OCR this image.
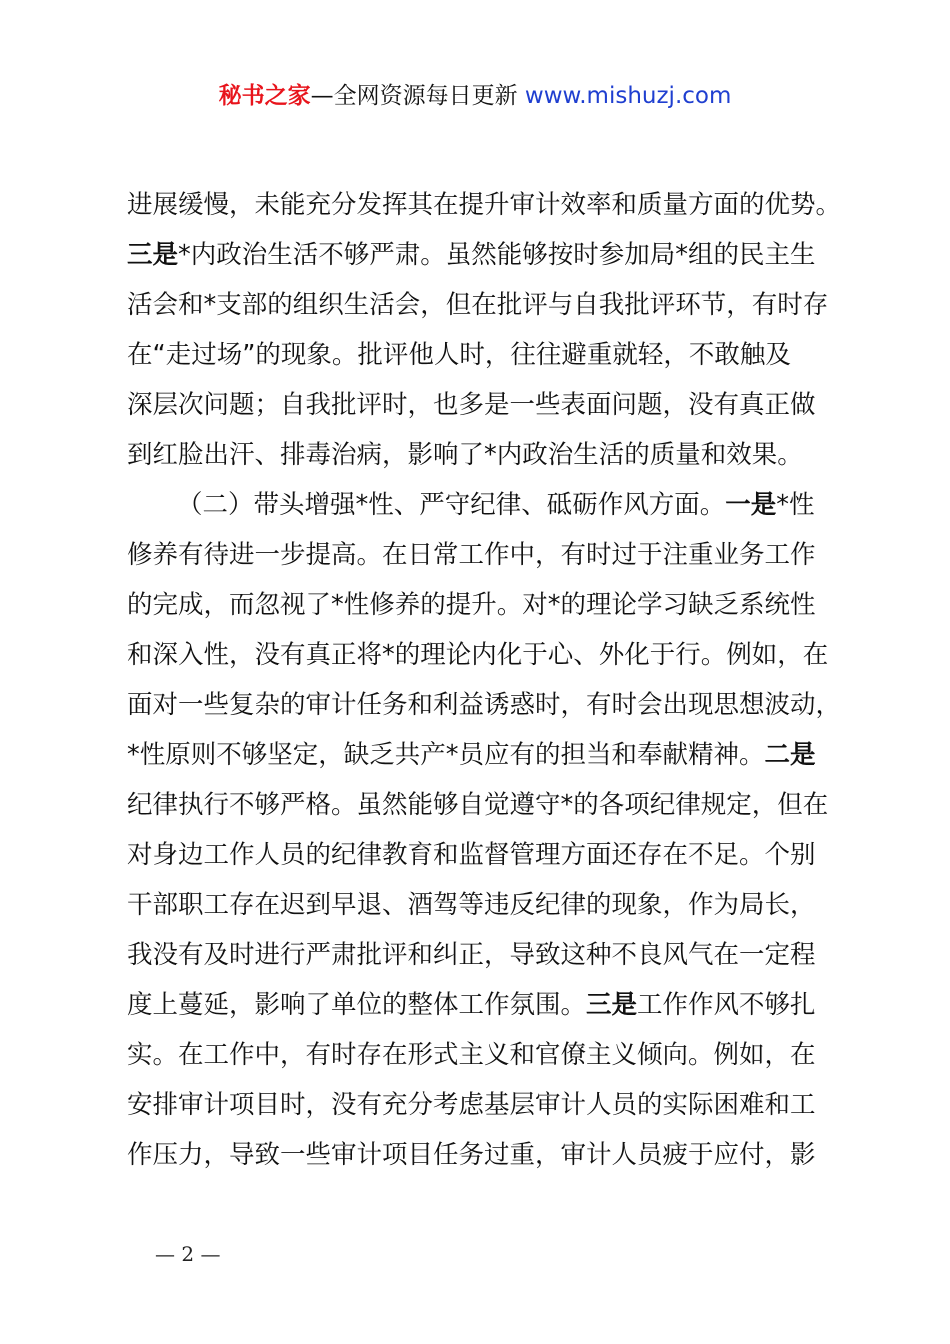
秘书之家—全网资源每日更新 www.mishuzj.com
进展缓慢，未能充分发挥其在提升审计效率和质量方面的优势。
三是*内政治生活不够严肃。虽然能够按时参加局*组的民主生
活会和*支部的组织生活会，但在批评与自我批评环节，有时存
在“走过场”的现象。批评他人时，往往避重就轻，不敢触及
深层次问题；自我批评时，也多是一些表面问题，没有真正做
到红脸出汗、排毒治病，影响了*内政治生活的质量和效果。
（二）带头增强*性、严守纪律、砥砺作风方面。一是*性
修养有待进一步提高。在日常工作中，有时过于注重业务工作
的完成，而忽视了*性修养的提升。对*的理论学习缺乏系统性
和深入性，没有真正将*的理论内化于心、外化于行。例如，在
面对一些复杂的审计任务和利益诱惑时，有时会出现思想波动，
*性原则不够坚定，缺乏共产*员应有的担当和奉献精神。二是
纪律执行不够严格。虽然能够自觉遵守*的各项纪律规定，但在
对身边工作人员的纪律教育和监督管理方面还存在不足。个别
干部职工存在迟到早退、酒驾等违反纪律的现象，作为局长，
我没有及时进行严肃批评和纠正，导致这种不良风气在一定程
度上蔓延，影响了单位的整体工作氛围。三是工作作风不够扎
实。在工作中，有时存在形式主义和官僚主义倾向。例如，在
安排审计项目时，没有充分考虑基层审计人员的实际困难和工
作压力，导致一些审计项目任务过重，审计人员疲于应付，影
— 2 —
